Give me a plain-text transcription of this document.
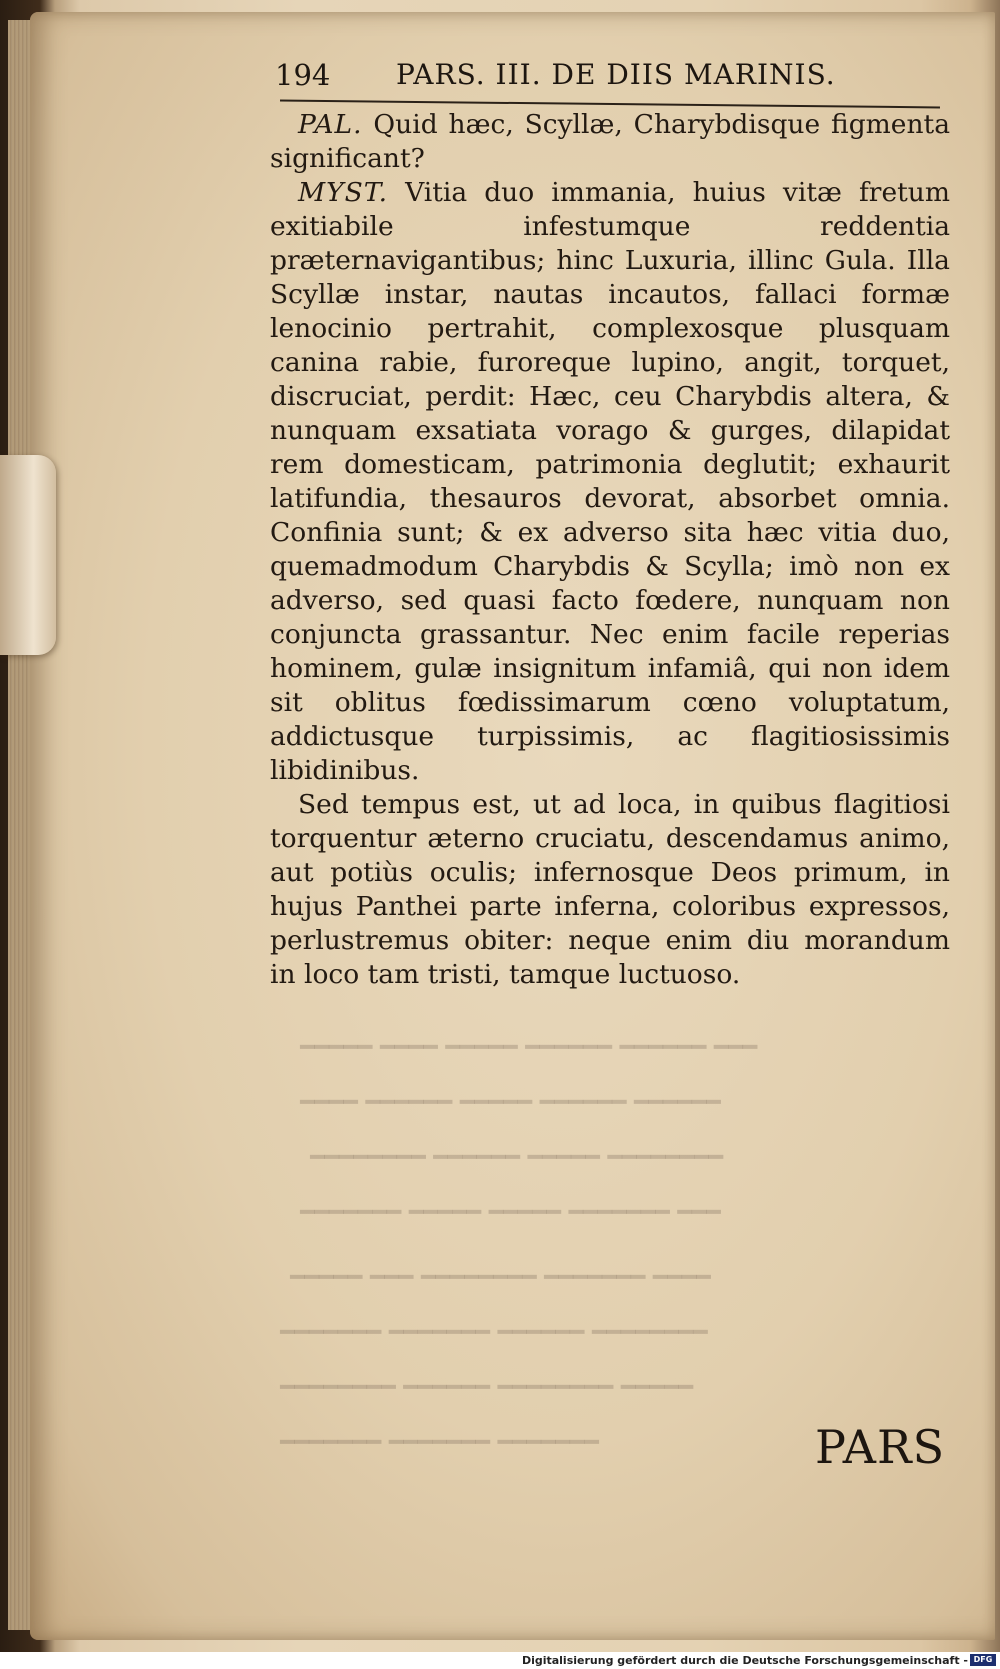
━━━ ━━━━━━ ━━━━━━ ━━━━━ ━━━━ ━━━━━
━━━━━━ ━━━━━━ ━━━━━ ━━━━━━ ━━━━
━━━━━━━━ ━━━━━ ━━━━━━ ━━━━━━━━
━━━ ━━━━━━━ ━━━━━ ━━━━━ ━━━━━━━
━━━━ ━━━━━━━ ━━━━━━━━ ━━━ ━━━━━
━━━━━━━━ ━━━━━━ ━━━━━━━ ━━━━━━━
━━━━━ ━━━━━━━━ ━━━━━━ ━━━━━━━━
━━━━━━━ ━━━━━━━ ━━━━━━━
194 PARS. III. DE DIIS MARINIS.

PAL. Quid hæc, Scyllæ, Charybdisque figmenta significant?

MYST. Vitia duo immania, huius vitæ fretum exitiabile infestumque reddentia præternavigantibus; hinc Luxuria, illinc Gula. Illa Scyllæ instar, nautas incautos, fallaci formæ lenocinio pertrahit, complexosque plusquam canina rabie, furoreque lupino, angit, torquet, discruciat, perdit: Hæc, ceu Charybdis altera, & nunquam exsatiata vorago & gurges, dilapidat rem domesticam, patrimonia deglutit; exhaurit latifundia, thesauros devorat, absorbet omnia. Confinia sunt; & ex adverso sita hæc vitia duo, quemadmodum Charybdis & Scylla; imò non ex adverso, sed quasi facto fœdere, nunquam non conjuncta grassantur. Nec enim facile reperias hominem, gulæ insignitum infamiâ, qui non idem sit oblitus fœdissimarum cœno voluptatum, addictusque turpissimis, ac flagitiosissimis libidinibus.

Sed tempus est, ut ad loca, in quibus flagitiosi torquentur æterno cruciatu, descendamus animo, aut potiùs oculis; infernosque Deos primum, in hujus Panthei parte inferna, coloribus expressos, perlustremus obiter: neque enim diu morandum in loco tam tristi, tamque luctuoso.

PARS
Digitalisierung gefördert durch die Deutsche Forschungsgemeinschaft - DFG
